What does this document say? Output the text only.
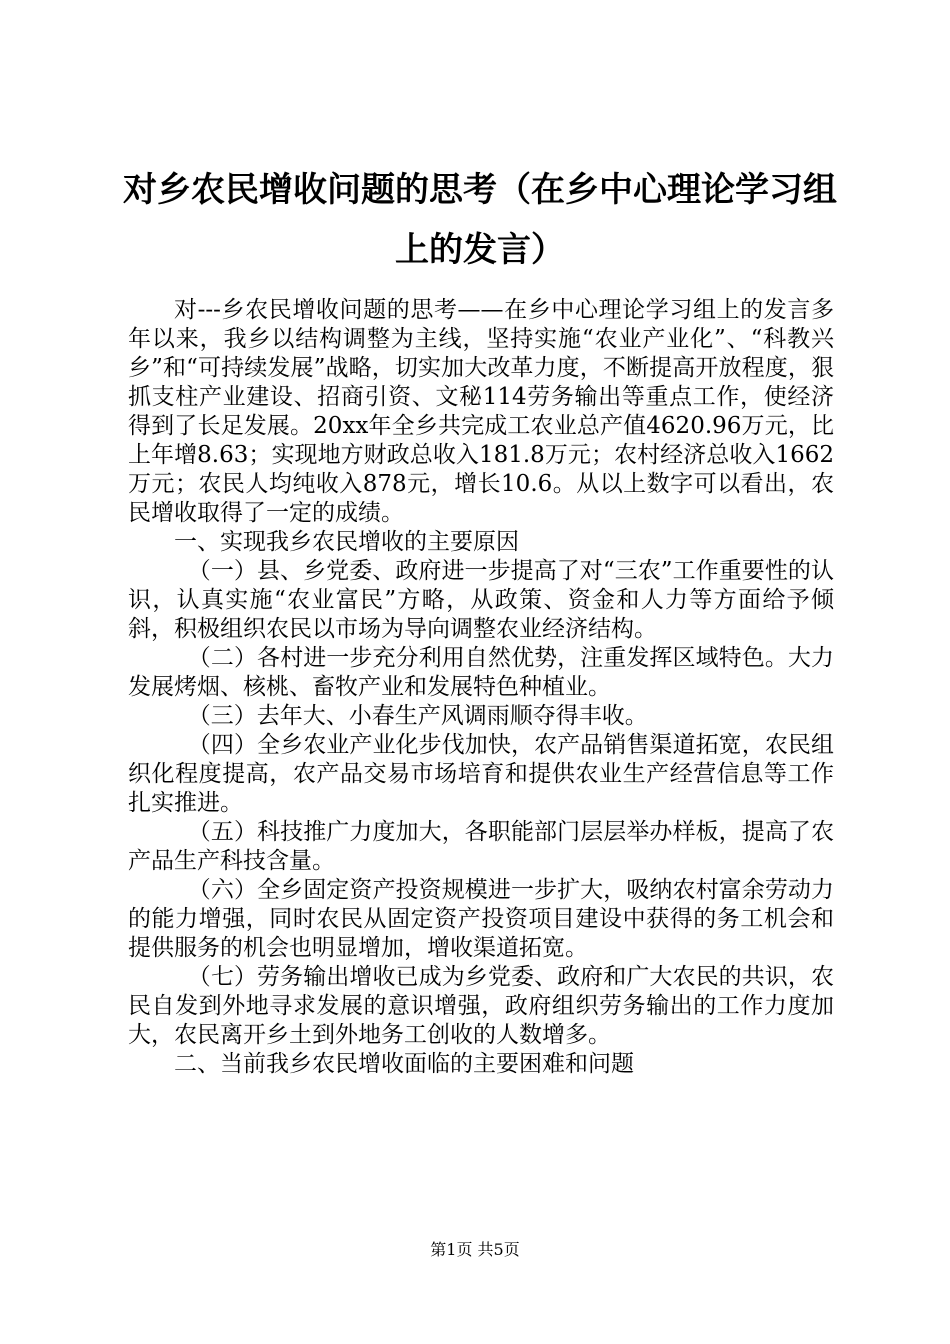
对乡农民增收问题的思考（在乡中心理论学习组上的发言）

对---乡农民增收问题的思考——在乡中心理论学习组上的发言多年以来，我乡以结构调整为主线，坚持实施“农业产业化”、“科教兴乡”和“可持续发展”战略，切实加大改革力度，不断提高开放程度，狠抓支柱产业建设、招商引资、文秘114劳务输出等重点工作，使经济得到了长足发展。20xx年全乡共完成工农业总产值4620.96万元，比上年增8.63；实现地方财政总收入181.8万元；农村经济总收入1662万元；农民人均纯收入878元，增长10.6。从以上数字可以看出，农民增收取得了一定的成绩。

一、实现我乡农民增收的主要原因

（一）县、乡党委、政府进一步提高了对“三农”工作重要性的认识，认真实施“农业富民”方略，从政策、资金和人力等方面给予倾斜，积极组织农民以市场为导向调整农业经济结构。

（二）各村进一步充分利用自然优势，注重发挥区域特色。大力发展烤烟、核桃、畜牧产业和发展特色种植业。

（三）去年大、小春生产风调雨顺夺得丰收。

（四）全乡农业产业化步伐加快，农产品销售渠道拓宽，农民组织化程度提高，农产品交易市场培育和提供农业生产经营信息等工作扎实推进。

（五）科技推广力度加大，各职能部门层层举办样板，提高了农产品生产科技含量。

（六）全乡固定资产投资规模进一步扩大，吸纳农村富余劳动力的能力增强，同时农民从固定资产投资项目建设中获得的务工机会和提供服务的机会也明显增加，增收渠道拓宽。

（七）劳务输出增收已成为乡党委、政府和广大农民的共识，农民自发到外地寻求发展的意识增强，政府组织劳务输出的工作力度加大，农民离开乡土到外地务工创收的人数增多。

二、当前我乡农民增收面临的主要困难和问题

第1页 共5页
